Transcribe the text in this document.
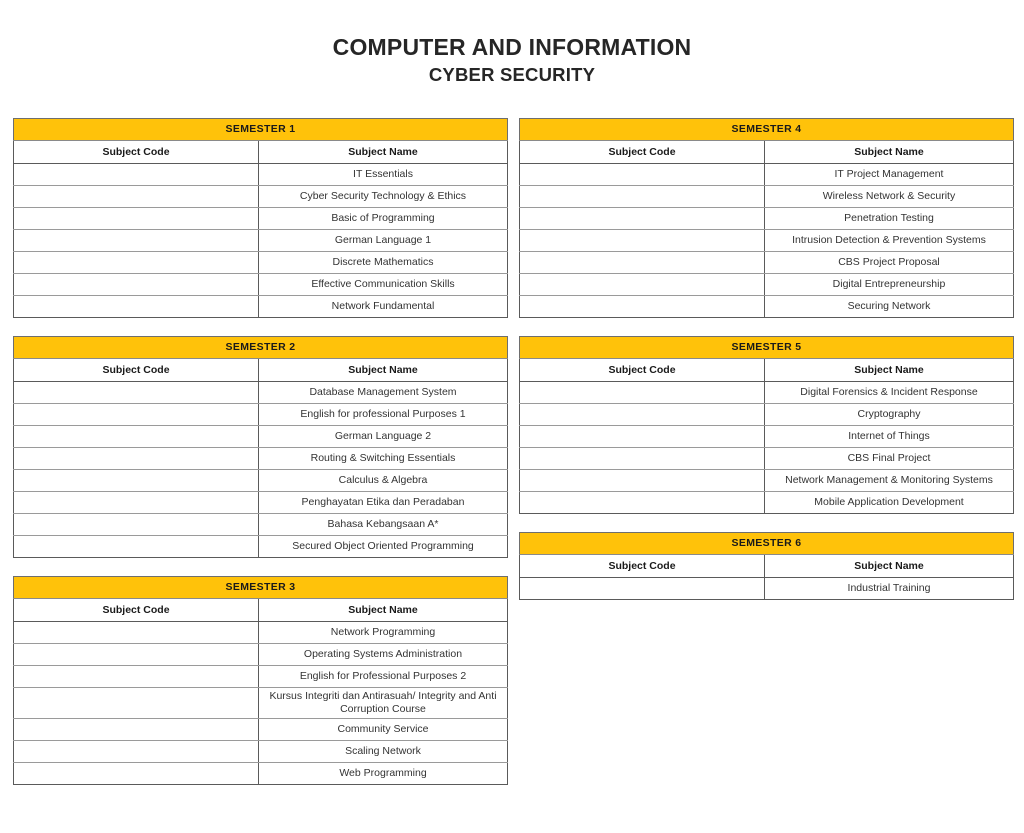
COMPUTER AND INFORMATION
CYBER SECURITY
SEMESTER 1	
Subject Code	Subject Name
	IT Essentials
	Cyber Security Technology & Ethics
	Basic of Programming
	German Language 1
	Discrete Mathematics
	Effective Communication Skills
	Network Fundamental
SEMESTER 2	
Subject Code	Subject Name
	Database Management System
	English for professional Purposes 1
	German Language 2
	Routing & Switching Essentials
	Calculus & Algebra
	Penghayatan Etika dan Peradaban
	Bahasa Kebangsaan A*
	Secured Object Oriented Programming
SEMESTER 3	
Subject Code	Subject Name
	Network Programming
	Operating Systems Administration
	English for Professional Purposes 2
	Kursus Integriti dan Antirasuah/ Integrity and Anti Corruption Course
	Community Service
	Scaling Network
	Web Programming
SEMESTER 4	
Subject Code	Subject Name
	IT Project Management
	Wireless Network & Security
	Penetration Testing
	Intrusion Detection & Prevention Systems
	CBS Project Proposal
	Digital Entrepreneurship
	Securing Network
SEMESTER 5	
Subject Code	Subject Name
	Digital Forensics & Incident Response
	Cryptography
	Internet of Things
	CBS Final Project
	Network Management & Monitoring Systems
	Mobile Application Development
SEMESTER 6	
Subject Code	Subject Name
	Industrial Training
